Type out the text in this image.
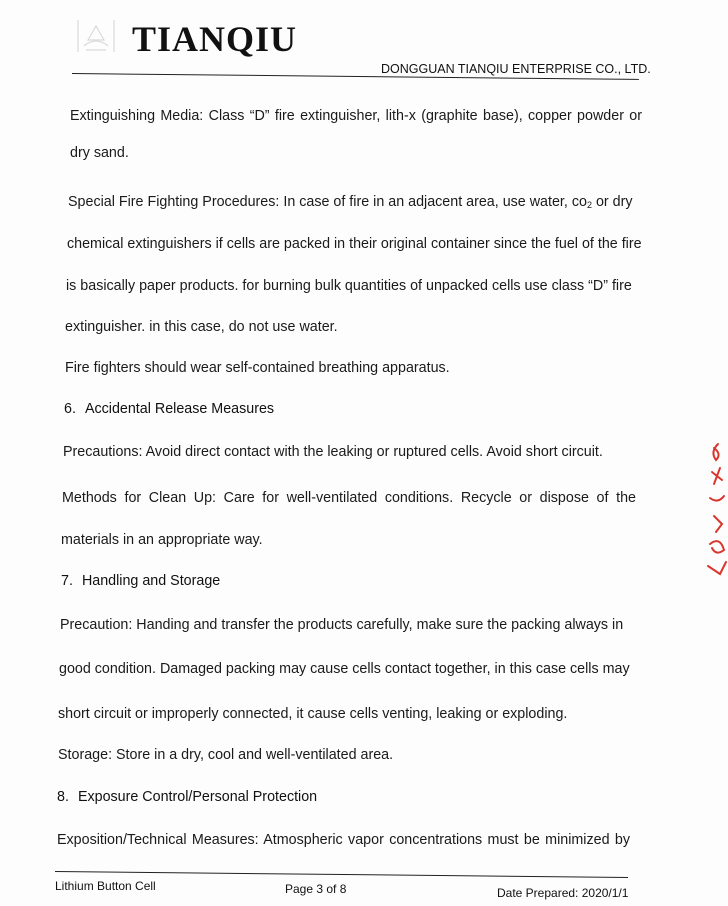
TIANQIU
DONGGUAN TIANQIU ENTERPRISE CO., LTD.

Extinguishing Media: Class “D” fire extinguisher, lith-x (graphite base), copper powder or

dry sand.

Special Fire Fighting Procedures: In case of fire in an adjacent area, use water, $co_2$ or dry

chemical extinguishers if cells are packed in their original container since the fuel of the fire

is basically paper products. for burning bulk quantities of unpacked cells use class “D” fire

extinguisher. in this case, do not use water.

Fire fighters should wear self-contained breathing apparatus.

6. Accidental Release Measures

Precautions: Avoid direct contact with the leaking or ruptured cells. Avoid short circuit.

Methods for Clean Up: Care for well-ventilated conditions. Recycle or dispose of the

materials in an appropriate way.

7. Handling and Storage

Precaution: Handing and transfer the products carefully, make sure the packing always in

good condition. Damaged packing may cause cells contact together, in this case cells may

short circuit or improperly connected, it cause cells venting, leaking or exploding.

Storage: Store in a dry, cool and well-ventilated area.

8. Exposure Control/Personal Protection

Exposition/Technical Measures: Atmospheric vapor concentrations must be minimized by

Lithium Button Cell	Page 3 of 8	Date Prepared: 2020/1/1
